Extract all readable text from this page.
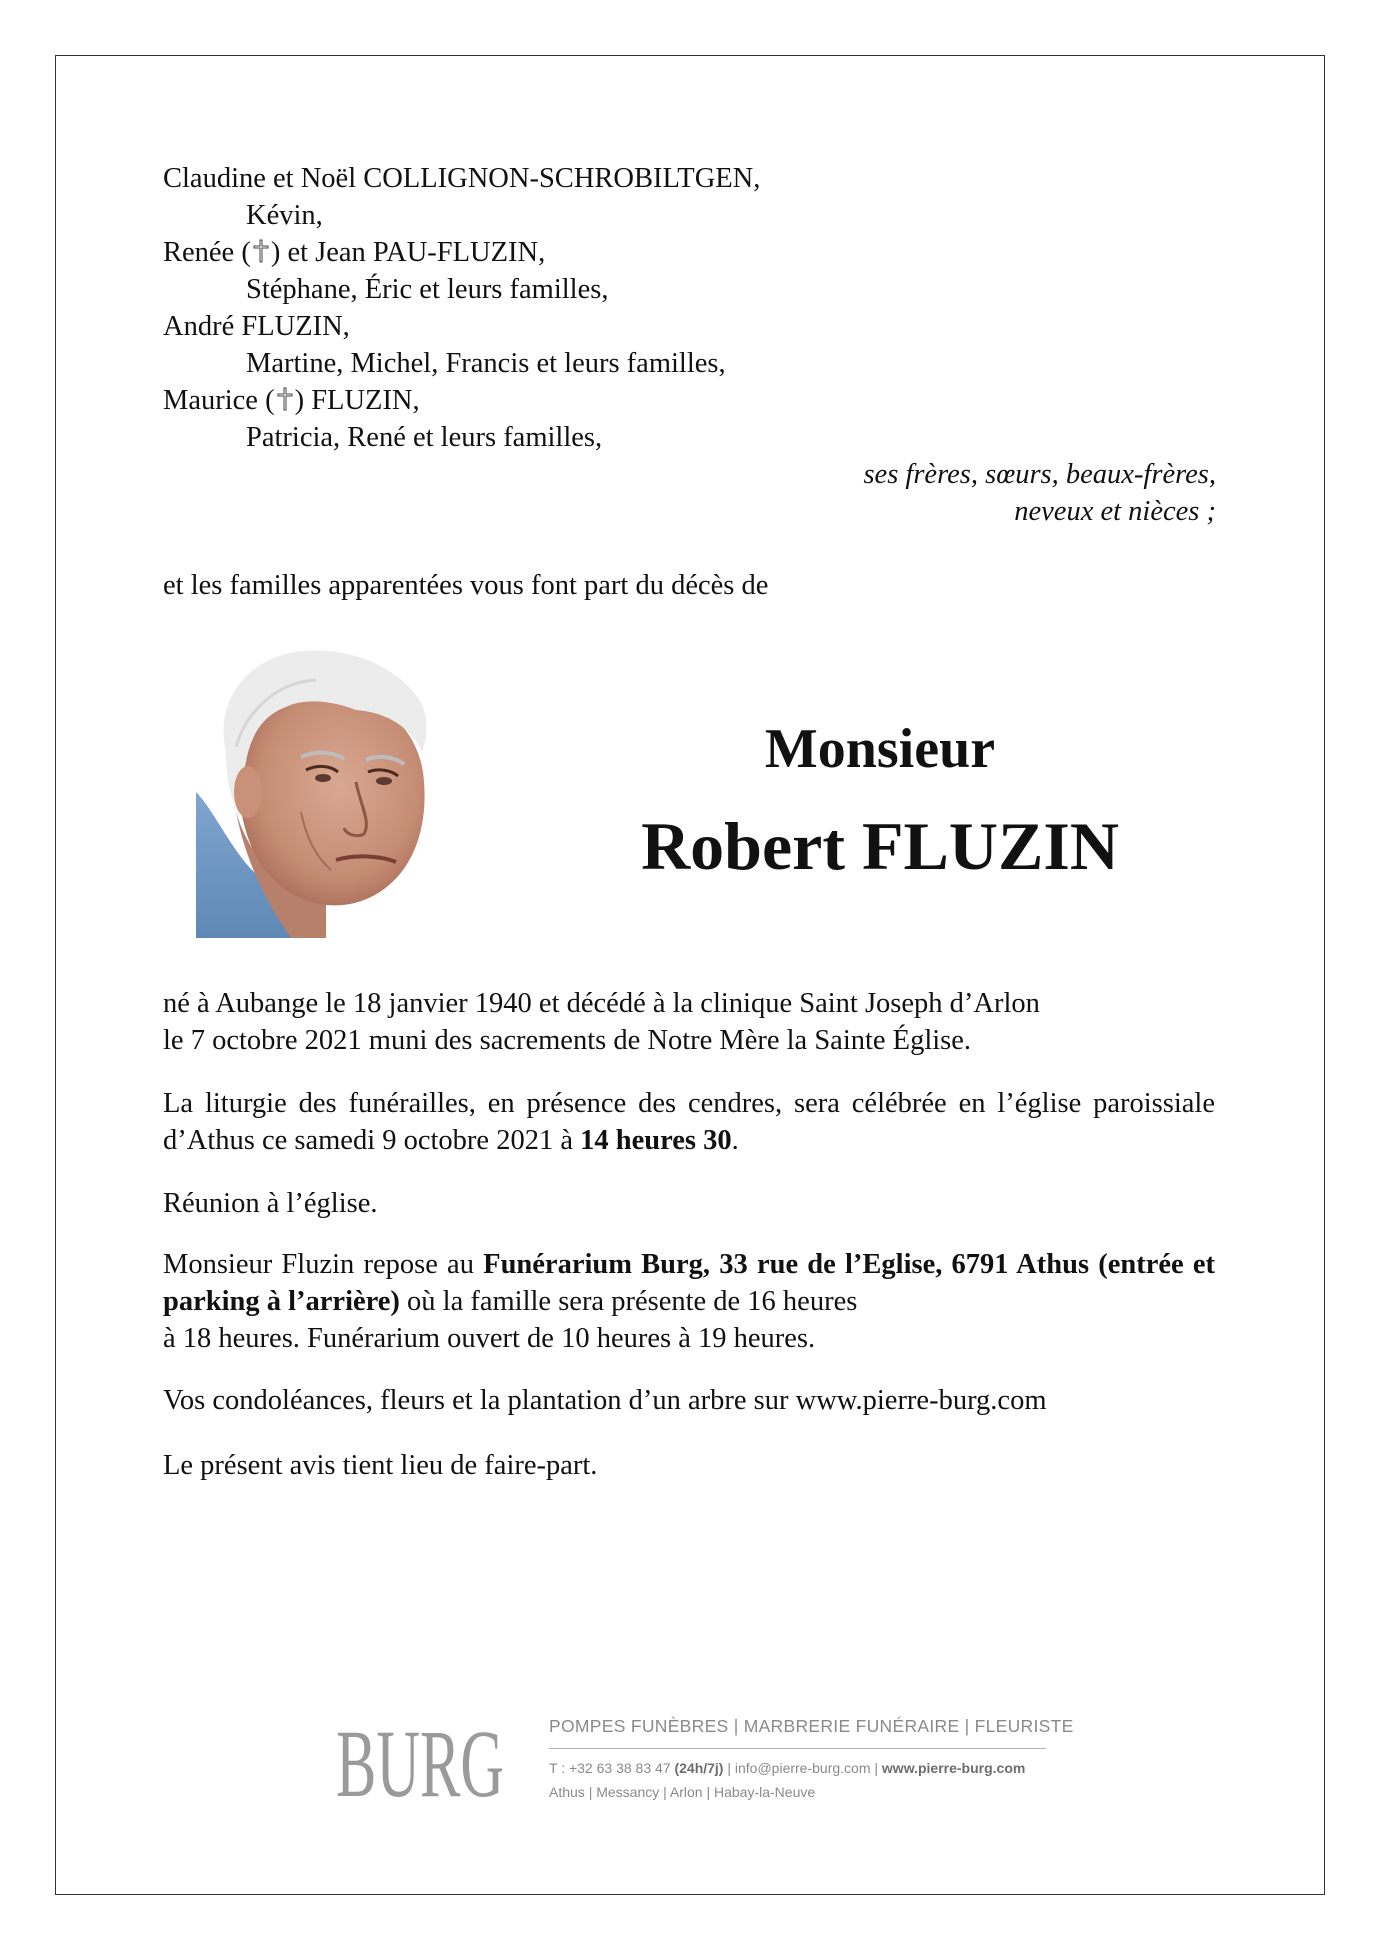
Claudine et Noël COLLIGNON-SCHROBILTGEN,
Kévin,
Renée ( ) et Jean PAU-FLUZIN,
Stéphane, Éric et leurs familles,
André FLUZIN,
Martine, Michel, Francis et leurs familles,
Maurice ( ) FLUZIN,
Patricia, René et leurs familles,
ses frères, sœurs, beaux-frères,
neveux et nièces ;
et les familles apparentées vous font part du décès de
Monsieur
Robert FLUZIN
né à Aubange le 18 janvier 1940 et décédé à la clinique Saint Joseph d’Arlon
le 7 octobre 2021 muni des sacrements de Notre Mère la Sainte Église.
La liturgie des funérailles, en présence des cendres, sera célébrée en l’église paroissiale d’Athus ce samedi 9 octobre 2021 à 14 heures 30.
Réunion à l’église.
Monsieur Fluzin repose au Funérarium Burg, 33 rue de l’Eglise, 6791 Athus (entrée et parking à l’arrière) où la famille sera présente de 16 heures
à 18 heures. Funérarium ouvert de 10 heures à 19 heures.
Vos condoléances, fleurs et la plantation d’un arbre sur www.pierre-burg.com
Le présent avis tient lieu de faire-part.
BURG	POMPES FUNÈBRES | MARBRERIE FUNÉRAIRE | FLEURISTE
T : +32 63 38 83 47 (24h/7j) | info@pierre-burg.com | www.pierre-burg.com
Athus | Messancy | Arlon | Habay-la-Neuve
